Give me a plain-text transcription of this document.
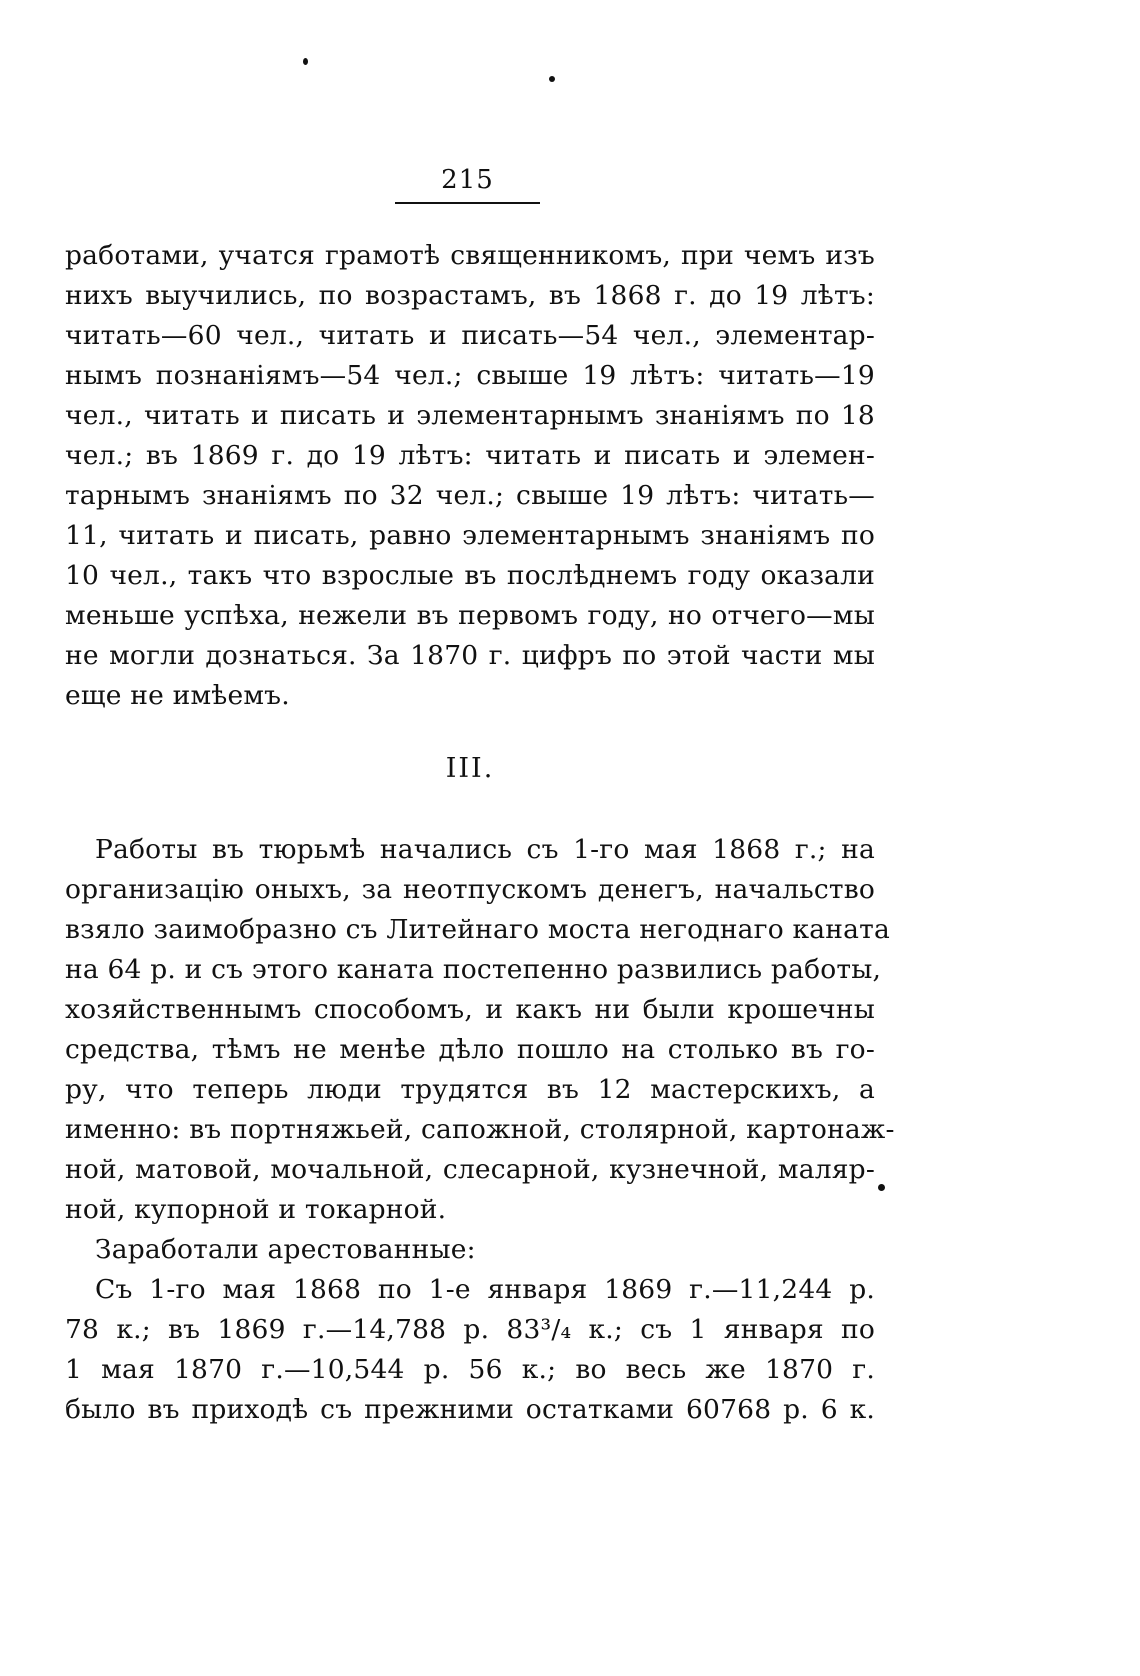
215
работами, учатся грамотѣ священникомъ, при чемъ изъ
нихъ выучились, по возрастамъ, въ 1868 г. до 19 лѣтъ:
читать—60 чел., читать и писать—54 чел., элементар-
нымъ познаніямъ—54 чел.; свыше 19 лѣтъ: читать—19
чел., читать и писать и элементарнымъ знаніямъ по 18
чел.; въ 1869 г. до 19 лѣтъ: читать и писать и элемен-
тарнымъ знаніямъ по 32 чел.; свыше 19 лѣтъ: читать—
11, читать и писать, равно элементарнымъ знаніямъ по
10 чел., такъ что взрослые въ послѣднемъ году оказали
меньше успѣха, нежели въ первомъ году, но отчего—мы
не могли дознаться. За 1870 г. цифръ по этой части мы
еще не имѣемъ.
III.
Работы въ тюрьмѣ начались съ 1-го мая 1868 г.; на
организацію оныхъ, за неотпускомъ денегъ, начальство
взяло заимобразно съ Литейнаго моста негоднаго каната
на 64 р. и съ этого каната постепенно развились работы,
хозяйственнымъ способомъ, и какъ ни были крошечны
средства, тѣмъ не менѣе дѣло пошло на столько въ го-
ру, что теперь люди трудятся въ 12 мастерскихъ, а
именно: въ портняжьей, сапожной, столярной, картонаж-
ной, матовой, мочальной, слесарной, кузнечной, маляр-
ной, купорной и токарной.
Заработали арестованные:
Съ 1-го мая 1868 по 1-е января 1869 г.—11,244 р.
78 к.; въ 1869 г.—14,788 р. 83³/₄ к.; съ 1 января по
1 мая 1870 г.—10,544 р. 56 к.; во весь же 1870 г.
было въ приходѣ съ прежними остатками 60768 р. 6 к.
